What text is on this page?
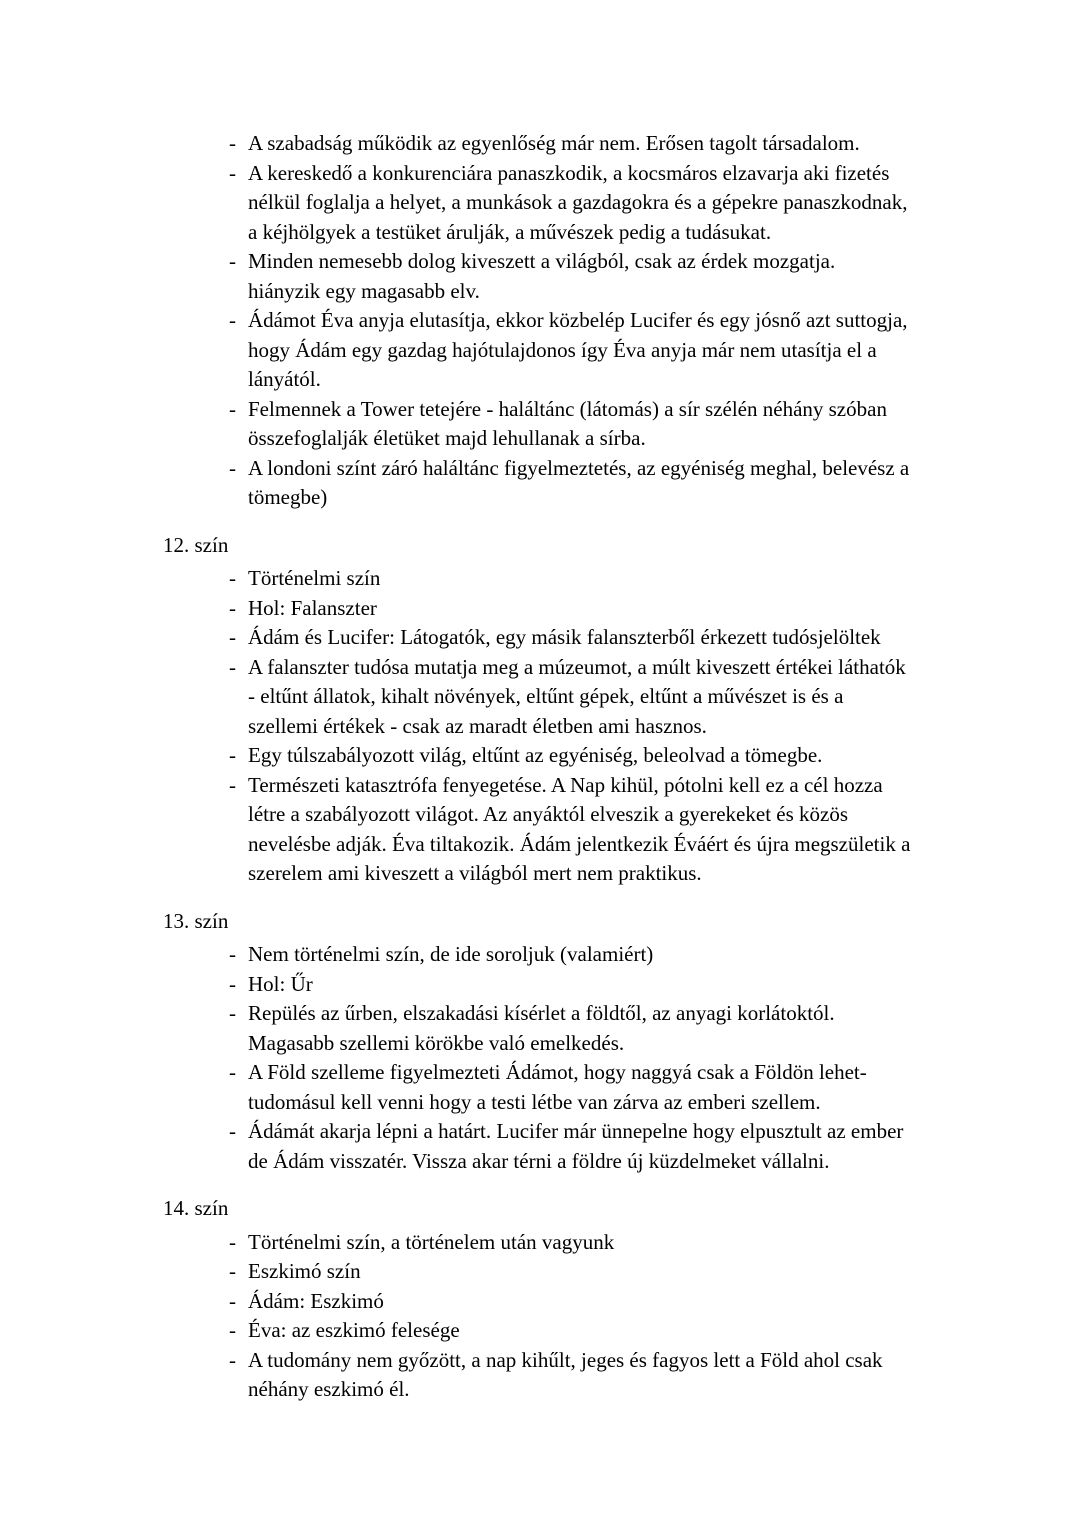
- A szabadság működik az egyenlőség már nem. Erősen tagolt társadalom.
- A kereskedő a konkurenciára panaszkodik, a kocsmáros elzavarja aki fizetés
nélkül foglalja a helyet, a munkások a gazdagokra és a gépekre panaszkodnak,
a kéjhölgyek a testüket árulják, a művészek pedig a tudásukat.
- Minden nemesebb dolog kiveszett a világból, csak az érdek mozgatja.
hiányzik egy magasabb elv.
- Ádámot Éva anyja elutasítja, ekkor közbelép Lucifer és egy jósnő azt suttogja,
hogy Ádám egy gazdag hajótulajdonos így Éva anyja már nem utasítja el a
lányától.
- Felmennek a Tower tetejére - haláltánc (látomás) a sír szélén néhány szóban
összefoglalják életüket majd lehullanak a sírba.
- A londoni színt záró haláltánc figyelmeztetés, az egyéniség meghal, belevész a
tömegbe)
12. szín
- Történelmi szín
- Hol: Falanszter
- Ádám és Lucifer: Látogatók, egy másik falanszterből érkezett tudósjelöltek
- A falanszter tudósa mutatja meg a múzeumot, a múlt kiveszett értékei láthatók
- eltűnt állatok, kihalt növények, eltűnt gépek, eltűnt a művészet is és a
szellemi értékek - csak az maradt életben ami hasznos.
- Egy túlszabályozott világ, eltűnt az egyéniség, beleolvad a tömegbe.
- Természeti katasztrófa fenyegetése. A Nap kihül, pótolni kell ez a cél hozza
létre a szabályozott világot. Az anyáktól elveszik a gyerekeket és közös
nevelésbe adják. Éva tiltakozik. Ádám jelentkezik Éváért és újra megszületik a
szerelem ami kiveszett a világból mert nem praktikus.
13. szín
- Nem történelmi szín, de ide soroljuk (valamiért)
- Hol: Űr
- Repülés az űrben, elszakadási kísérlet a földtől, az anyagi korlátoktól.
Magasabb szellemi körökbe való emelkedés.
- A Föld szelleme figyelmezteti Ádámot, hogy naggyá csak a Földön lehet-
tudomásul kell venni hogy a testi létbe van zárva az emberi szellem.
- Ádámát akarja lépni a határt. Lucifer már ünnepelne hogy elpusztult az ember
de Ádám visszatér. Vissza akar térni a földre új küzdelmeket vállalni.
14. szín
- Történelmi szín, a történelem után vagyunk
- Eszkimó szín
- Ádám: Eszkimó
- Éva: az eszkimó felesége
- A tudomány nem győzött, a nap kihűlt, jeges és fagyos lett a Föld ahol csak
néhány eszkimó él.
